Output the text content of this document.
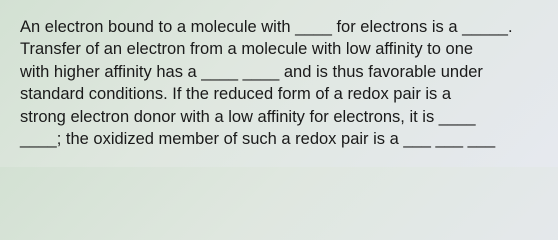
An electron bound to a molecule with ____ for electrons is a _____.
Transfer of an electron from a molecule with low affinity to one
with higher affinity has a ____ ____ and is thus favorable under
standard conditions. If the reduced form of a redox pair is a
strong electron donor with a low affinity for electrons, it is ____
____; the oxidized member of such a redox pair is a ___ ___ ___
